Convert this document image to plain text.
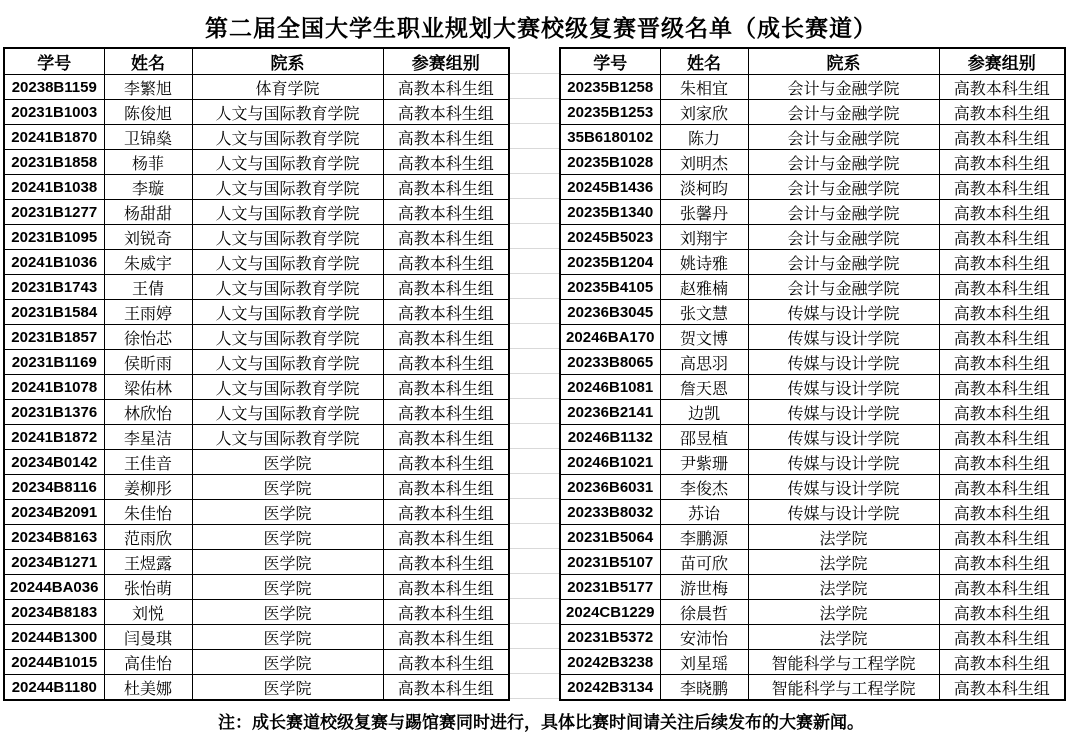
第二届全国大学生职业规划大赛校级复赛晋级名单（成长赛道）
学号	姓名	院系	参赛组别
20238B1159	李繁旭	体育学院	高教本科生组
20231B1003	陈俊旭	人文与国际教育学院	高教本科生组
20241B1870	卫锦燊	人文与国际教育学院	高教本科生组
20231B1858	杨菲	人文与国际教育学院	高教本科生组
20241B1038	李璇	人文与国际教育学院	高教本科生组
20231B1277	杨甜甜	人文与国际教育学院	高教本科生组
20231B1095	刘锐奇	人文与国际教育学院	高教本科生组
20241B1036	朱威宇	人文与国际教育学院	高教本科生组
20231B1743	王倩	人文与国际教育学院	高教本科生组
20231B1584	王雨婷	人文与国际教育学院	高教本科生组
20231B1857	徐怡芯	人文与国际教育学院	高教本科生组
20231B1169	侯昕雨	人文与国际教育学院	高教本科生组
20241B1078	梁佑林	人文与国际教育学院	高教本科生组
20231B1376	林欣怡	人文与国际教育学院	高教本科生组
20241B1872	李星洁	人文与国际教育学院	高教本科生组
20234B0142	王佳音	医学院	高教本科生组
20234B8116	姜柳彤	医学院	高教本科生组
20234B2091	朱佳怡	医学院	高教本科生组
20234B8163	范雨欣	医学院	高教本科生组
20234B1271	王煜露	医学院	高教本科生组
20244BA036	张怡萌	医学院	高教本科生组
20234B8183	刘悦	医学院	高教本科生组
20244B1300	闫曼琪	医学院	高教本科生组
20244B1015	高佳怡	医学院	高教本科生组
20244B1180	杜美娜	医学院	高教本科生组
学号	姓名	院系	参赛组别
20235B1258	朱相宜	会计与金融学院	高教本科生组
20235B1253	刘家欣	会计与金融学院	高教本科生组
35B6180102	陈力	会计与金融学院	高教本科生组
20235B1028	刘明杰	会计与金融学院	高教本科生组
20245B1436	淡柯昀	会计与金融学院	高教本科生组
20235B1340	张馨丹	会计与金融学院	高教本科生组
20245B5023	刘翔宇	会计与金融学院	高教本科生组
20235B1204	姚诗雅	会计与金融学院	高教本科生组
20235B4105	赵雅楠	会计与金融学院	高教本科生组
20236B3045	张文慧	传媒与设计学院	高教本科生组
20246BA170	贺文博	传媒与设计学院	高教本科生组
20233B8065	高思羽	传媒与设计学院	高教本科生组
20246B1081	詹天恩	传媒与设计学院	高教本科生组
20236B2141	边凯	传媒与设计学院	高教本科生组
20246B1132	邵昱植	传媒与设计学院	高教本科生组
20246B1021	尹紫珊	传媒与设计学院	高教本科生组
20236B6031	李俊杰	传媒与设计学院	高教本科生组
20233B8032	苏诒	传媒与设计学院	高教本科生组
20231B5064	李鹏源	法学院	高教本科生组
20231B5107	苗可欣	法学院	高教本科生组
20231B5177	游世梅	法学院	高教本科生组
2024CB1229	徐晨哲	法学院	高教本科生组
20231B5372	安沛怡	法学院	高教本科生组
20242B3238	刘星瑶	智能科学与工程学院	高教本科生组
20242B3134	李晓鹏	智能科学与工程学院	高教本科生组
注：成长赛道校级复赛与踢馆赛同时进行，具体比赛时间请关注后续发布的大赛新闻。
